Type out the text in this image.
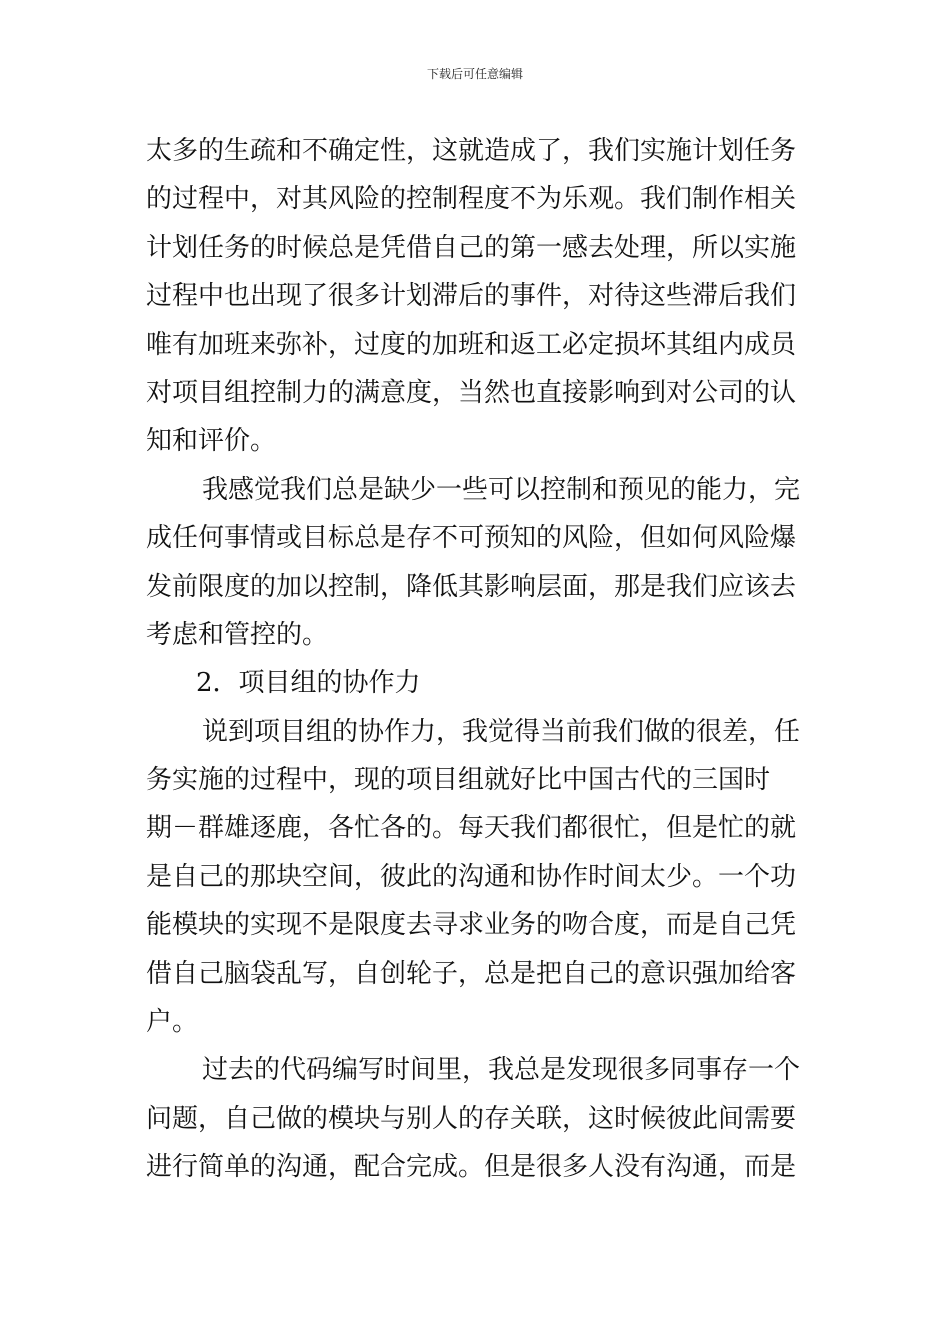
下载后可任意编辑
太多的生疏和不确定性，这就造成了，我们实施计划任务
的过程中，对其风险的控制程度不为乐观。我们制作相关
计划任务的时候总是凭借自己的第一感去处理，所以实施
过程中也出现了很多计划滞后的事件，对待这些滞后我们
唯有加班来弥补，过度的加班和返工必定损坏其组内成员
对项目组控制力的满意度，当然也直接影响到对公司的认
知和评价。
我感觉我们总是缺少一些可以控制和预见的能力，完
成任何事情或目标总是存不可预知的风险，但如何风险爆
发前限度的加以控制，降低其影响层面，那是我们应该去
考虑和管控的。
2．项目组的协作力
说到项目组的协作力，我觉得当前我们做的很差，任
务实施的过程中，现的项目组就好比中国古代的三国时
期－群雄逐鹿，各忙各的。每天我们都很忙，但是忙的就
是自己的那块空间，彼此的沟通和协作时间太少。一个功
能模块的实现不是限度去寻求业务的吻合度，而是自己凭
借自己脑袋乱写，自创轮子，总是把自己的意识强加给客
户。
过去的代码编写时间里，我总是发现很多同事存一个
问题，自己做的模块与别人的存关联，这时候彼此间需要
进行简单的沟通，配合完成。但是很多人没有沟通，而是
